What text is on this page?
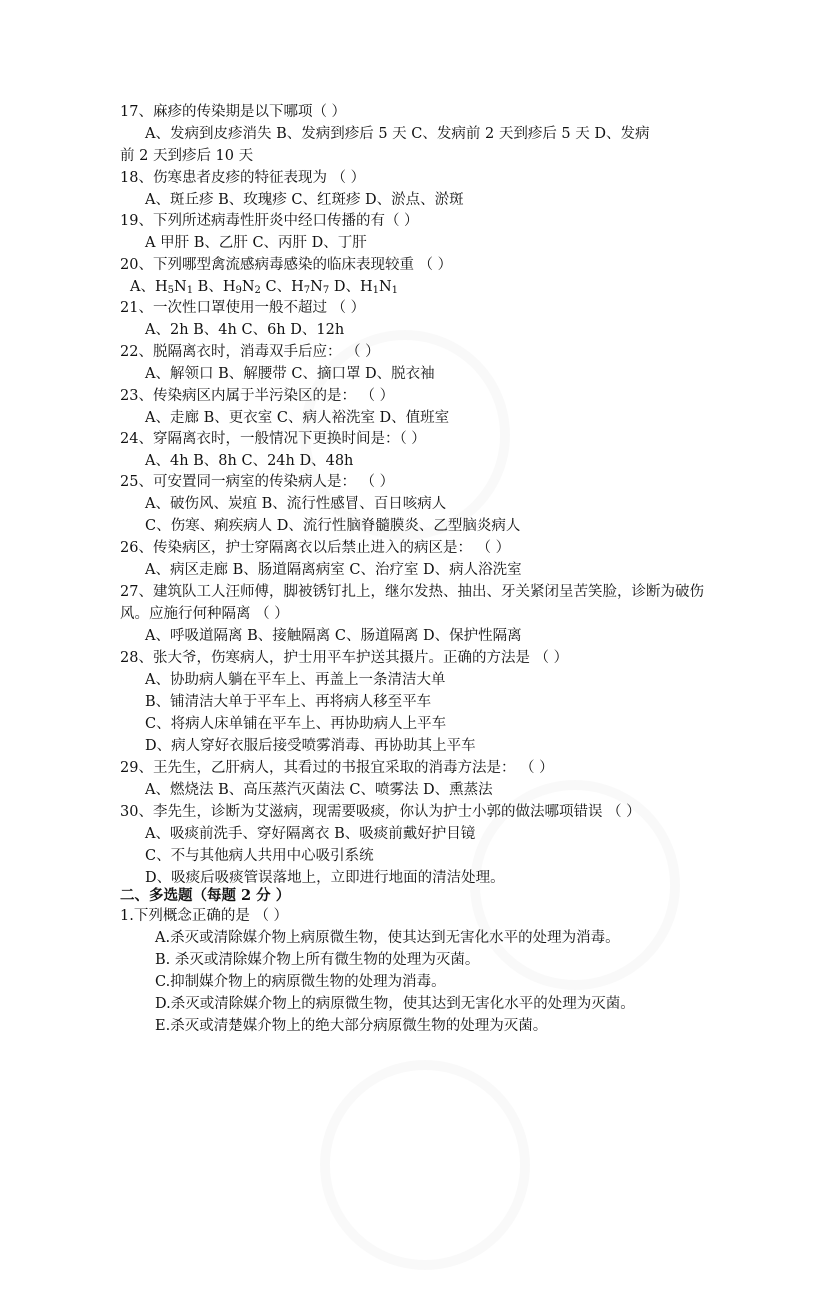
17、麻疹的传染期是以下哪项（ ）
A、发病到皮疹消失 B、发病到疹后 5 天 C、发病前 2 天到疹后 5 天 D、发病
前 2 天到疹后 10 天
18、伤寒患者皮疹的特征表现为 （ ）
A、斑丘疹 B、玫瑰疹 C、红斑疹 D、淤点、淤斑
19、下列所述病毒性肝炎中经口传播的有（ ）
A 甲肝 B、乙肝 C、丙肝 D、丁肝
20、下列哪型禽流感病毒感染的临床表现较重 （ ）
A、$H_5N_1$ B、$H_9N_2$ C、$H_7N_7$ D、$H_1N_1$
21、一次性口罩使用一般不超过 （ ）
A、2h B、4h C、6h D、12h
22、脱隔离衣时，消毒双手后应： （ ）
A、解领口 B、解腰带 C、摘口罩 D、脱衣袖
23、传染病区内属于半污染区的是： （ ）
A、走廊 B、更衣室 C、病人裕洗室 D、值班室
24、穿隔离衣时，一般情况下更换时间是：（ ）
A、4h B、8h C、24h D、48h
25、可安置同一病室的传染病人是： （ ）
A、破伤风、炭疽 B、流行性感冒、百日咳病人
C、伤寒、痢疾病人 D、流行性脑脊髓膜炎、乙型脑炎病人
26、传染病区，护士穿隔离衣以后禁止进入的病区是： （ ）
A、病区走廊 B、肠道隔离病室 C、治疗室 D、病人浴洗室
27、建筑队工人汪师傅，脚被锈钉扎上，继尔发热、抽出、牙关紧闭呈苦笑脸，诊断为破伤
风。应施行何种隔离 （ ）
A、呼吸道隔离 B、接触隔离 C、肠道隔离 D、保护性隔离
28、张大爷，伤寒病人，护士用平车护送其摄片。正确的方法是 （ ）
A、协助病人躺在平车上、再盖上一条清洁大单
B、铺清洁大单于平车上、再将病人移至平车
C、将病人床单铺在平车上、再协助病人上平车
D、病人穿好衣服后接受喷雾消毒、再协助其上平车
29、王先生，乙肝病人，其看过的书报宜采取的消毒方法是： （ ）
A、燃烧法 B、高压蒸汽灭菌法 C、喷雾法 D、熏蒸法
30、李先生，诊断为艾滋病，现需要吸痰，你认为护士小郭的做法哪项错误 （ ）
A、吸痰前洗手、穿好隔离衣 B、吸痰前戴好护目镜
C、不与其他病人共用中心吸引系统
D、吸痰后吸痰管误落地上，立即进行地面的清洁处理。
二、多选题（每题 2 分 ）
1.下列概念正确的是 （ ）
A.杀灭或清除媒介物上病原微生物，使其达到无害化水平的处理为消毒。
B. 杀灭或清除媒介物上所有微生物的处理为灭菌。
C.抑制媒介物上的病原微生物的处理为消毒。
D.杀灭或清除媒介物上的病原微生物，使其达到无害化水平的处理为灭菌。
E.杀灭或清楚媒介物上的绝大部分病原微生物的处理为灭菌。
